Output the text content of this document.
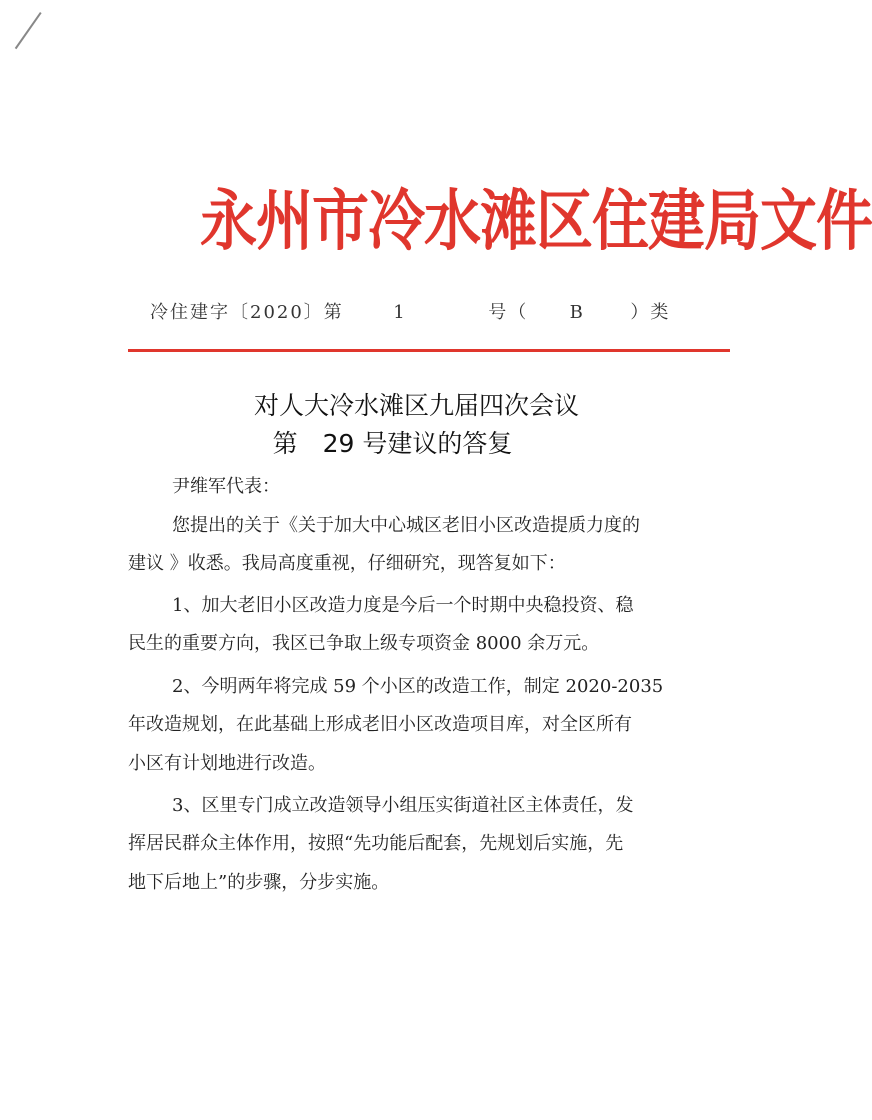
永州市冷水滩区住建局文件
冷住建字〔2020〕第	1	号（ B	）类
对人大冷水滩区九届四次会议
第　29 号建议的答复
尹维军代表：
您提出的关于《关于加大中心城区老旧小区改造提质力度的
建议 》收悉。我局高度重视，仔细研究，现答复如下：
1、加大老旧小区改造力度是今后一个时期中央稳投资、稳
民生的重要方向，我区已争取上级专项资金 8000 余万元。
2、今明两年将完成 59 个小区的改造工作，制定 2020-2035
年改造规划，在此基础上形成老旧小区改造项目库，对全区所有
小区有计划地进行改造。
3、区里专门成立改造领导小组压实街道社区主体责任，发
挥居民群众主体作用，按照“先功能后配套，先规划后实施，先
地下后地上”的步骤，分步实施。
